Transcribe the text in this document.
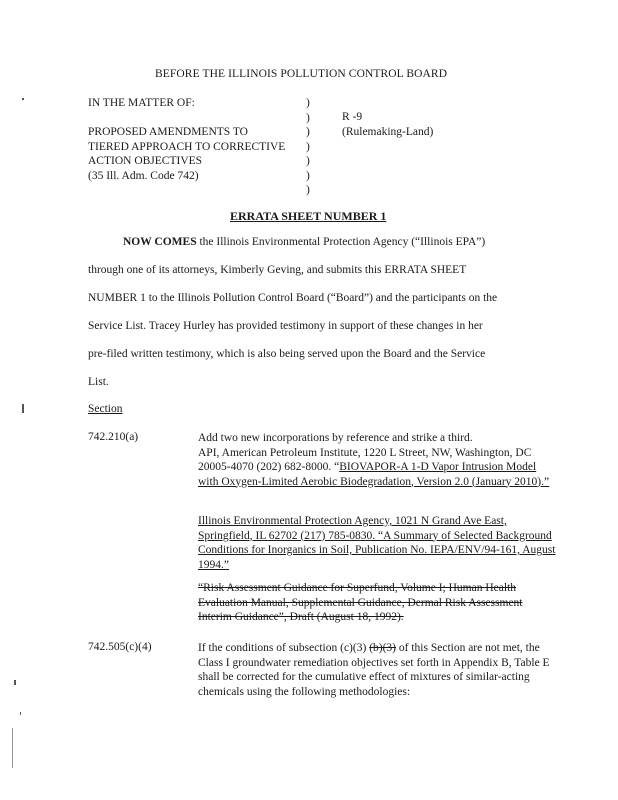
BEFORE THE ILLINOIS POLLUTION CONTROL BOARD
IN THE MATTER OF:

PROPOSED AMENDMENTS TO
TIERED APPROACH TO CORRECTIVE
ACTION OBJECTIVES
(35 Ill. Adm. Code 742)
)
)
)
)
)
)
)
R -9
(Rulemaking-Land)
ERRATA SHEET NUMBER 1
NOW COMES the Illinois Environmental Protection Agency (“Illinois EPA”)
through one of its attorneys, Kimberly Geving, and submits this ERRATA SHEET
NUMBER 1 to the Illinois Pollution Control Board (“Board”) and the participants on the
Service List. Tracey Hurley has provided testimony in support of these changes in her
pre-filed written testimony, which is also being served upon the Board and the Service
List.
Section
742.210(a)	Add two new incorporations by reference and strike a third.
API, American Petroleum Institute, 1220 L Street, NW, Washington, DC 20005-4070 (202) 682-8000. “BIOVAPOR-A 1-D Vapor Intrusion Model with Oxygen-Limited Aerobic Biodegradation, Version 2.0 (January 2010).”
Illinois Environmental Protection Agency, 1021 N Grand Ave East, Springfield, IL 62702 (217) 785-0830. “A Summary of Selected Background Conditions for Inorganics in Soil, Publication No. IEPA/ENV/94-161, August 1994.”
“Risk Assessment Guidance for Superfund, Volume I; Human Health Evaluation Manual, Supplemental Guidance, Dermal Risk Assessment Interim Guidance”, Draft (August 18, 1992).
742.505(c)(4)	If the conditions of subsection (c)(3) (b)(3) of this Section are not met, the Class I groundwater remediation objectives set forth in Appendix B, Table E shall be corrected for the cumulative effect of mixtures of similar-acting chemicals using the following methodologies:
